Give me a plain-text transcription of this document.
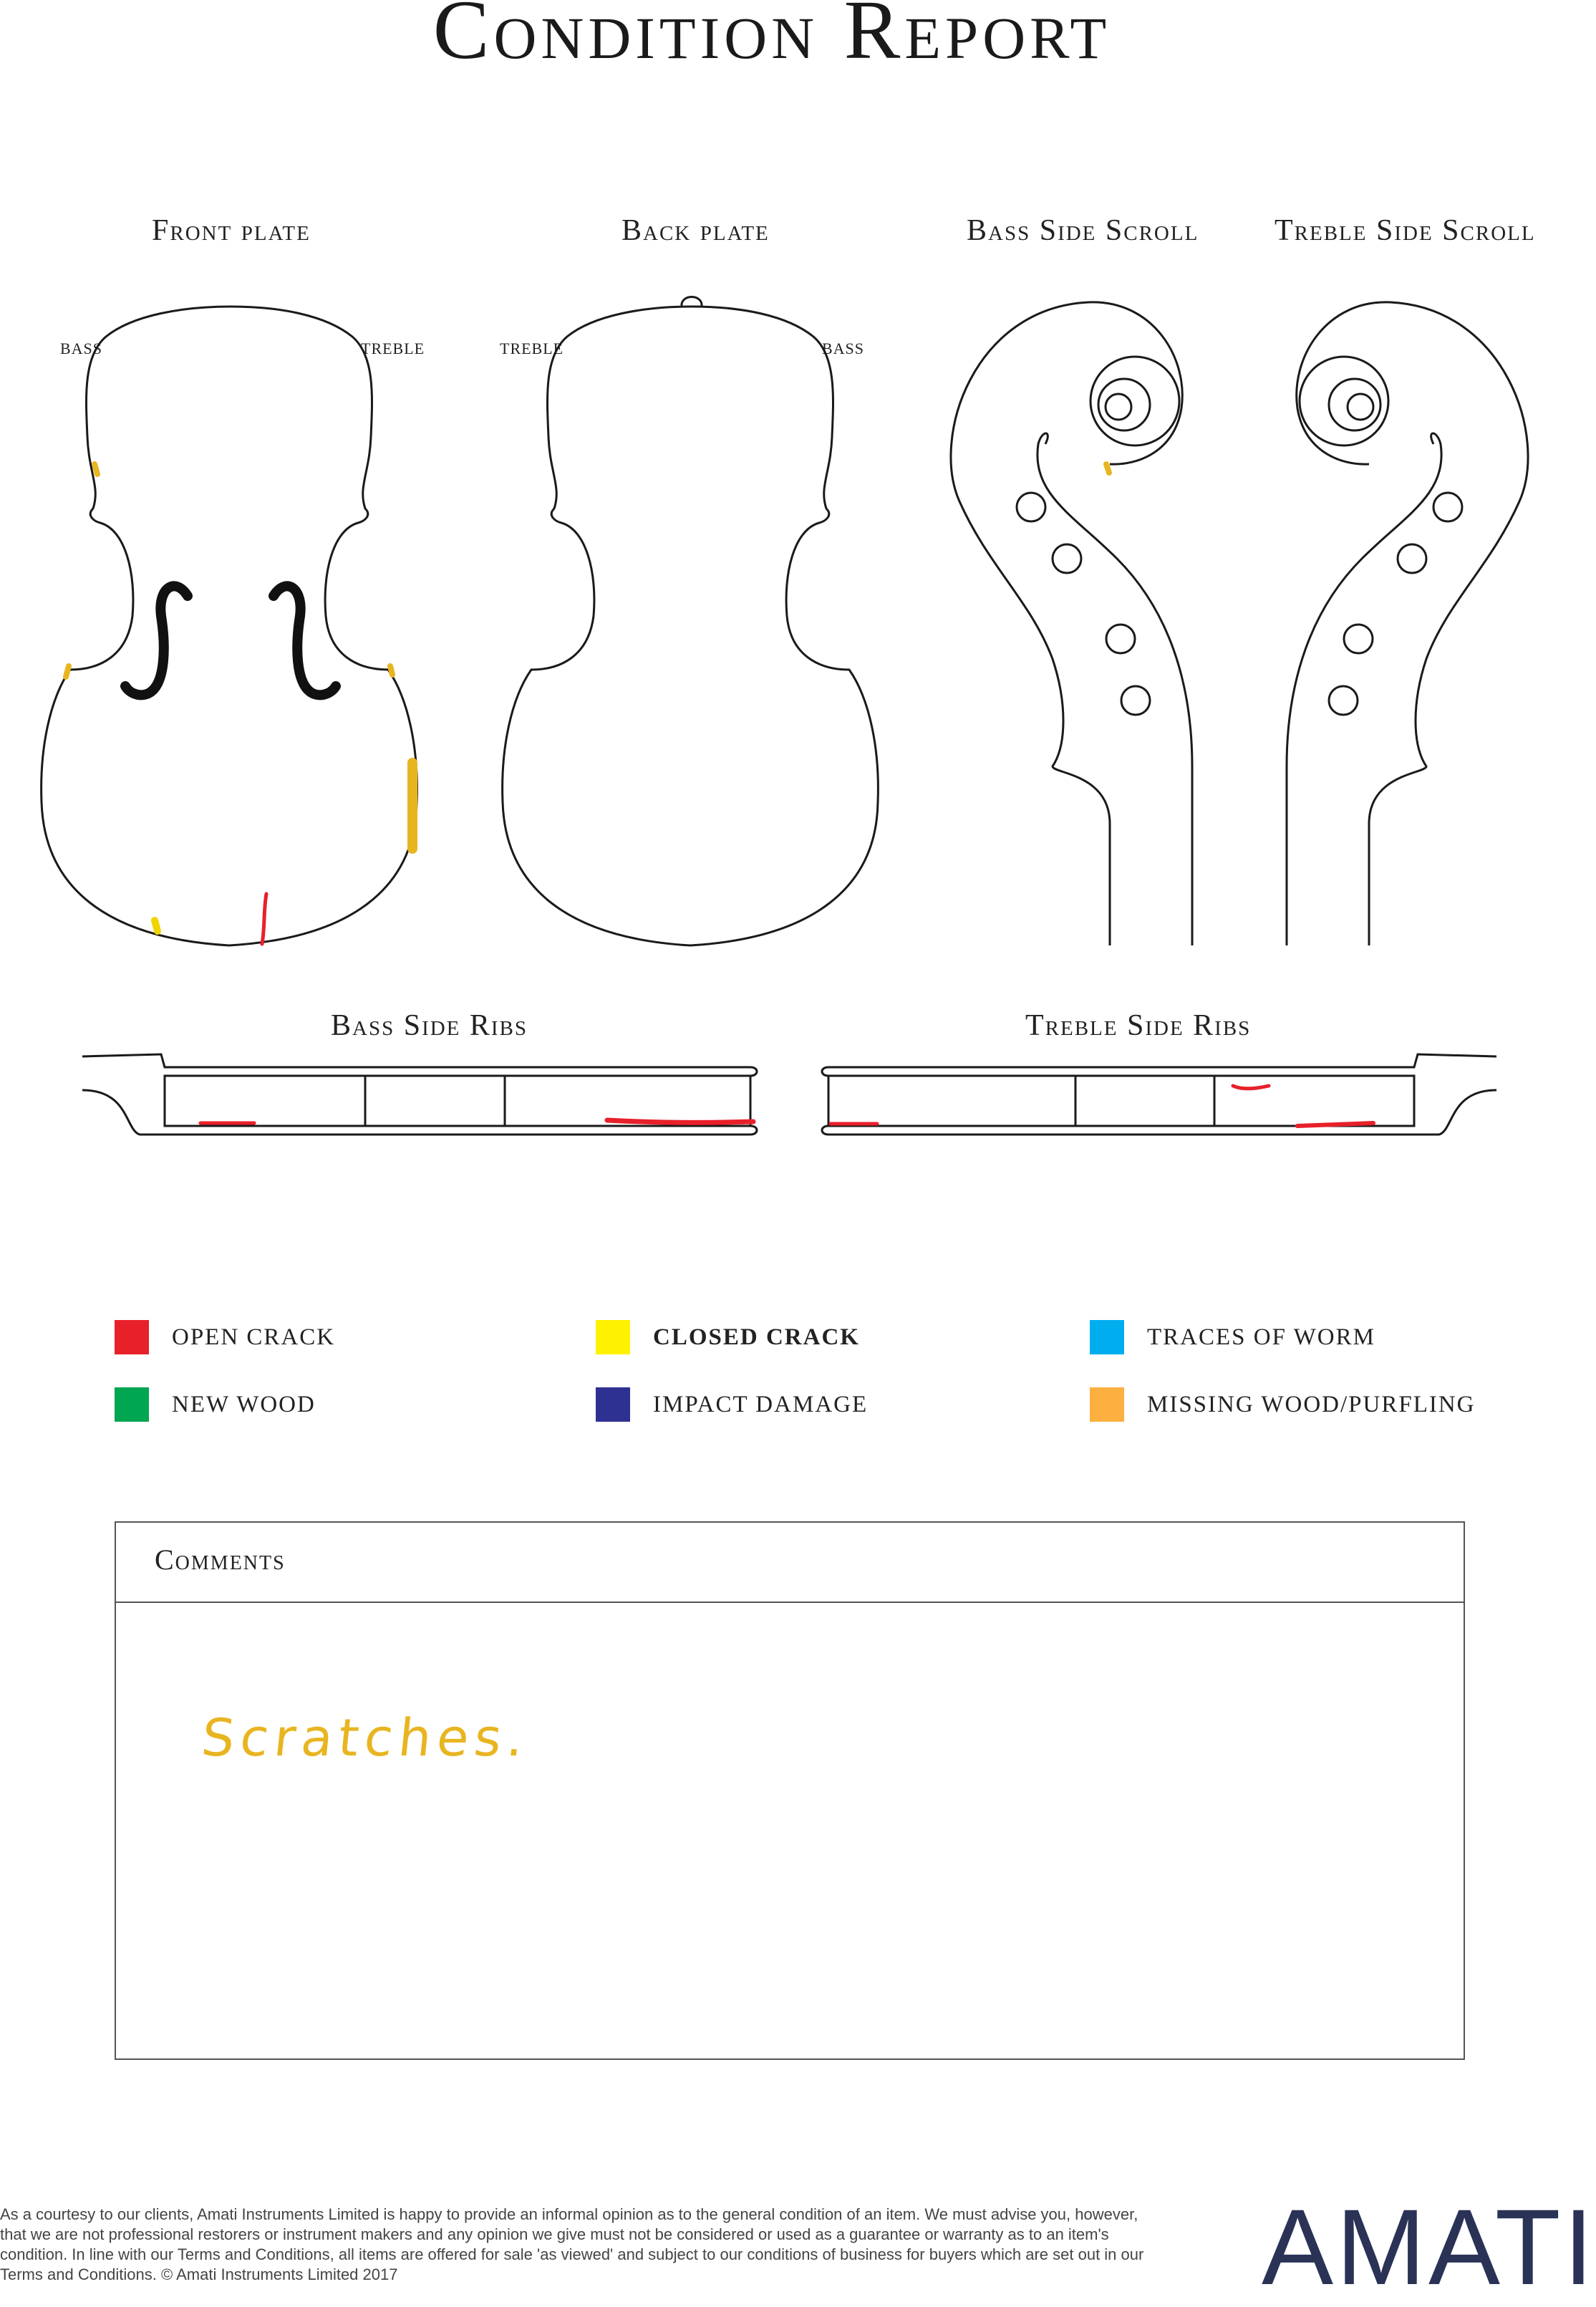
Condition Report
Front plate	Back plate	Bass Side Scroll	Treble Side Scroll
Bass Side Ribs	Treble Side Ribs
BASS	TREBLE	TREBLE	BASS
OPEN CRACK	CLOSED CRACK	TRACES OF WORM
NEW WOOD	IMPACT DAMAGE	MISSING WOOD/PURFLING
Comments
Scratches.
As a courtesy to our clients, Amati Instruments Limited is happy to provide an informal opinion as to the general condition of an item. We must advise you, however, that we are not professional restorers or instrument makers and any opinion we give must not be considered or used as a guarantee or warranty as to an item's condition. In line with our Terms and Conditions, all items are offered for sale 'as viewed' and subject to our conditions of business for buyers which are set out in our Terms and Conditions. © Amati Instruments Limited 2017	AMATI
